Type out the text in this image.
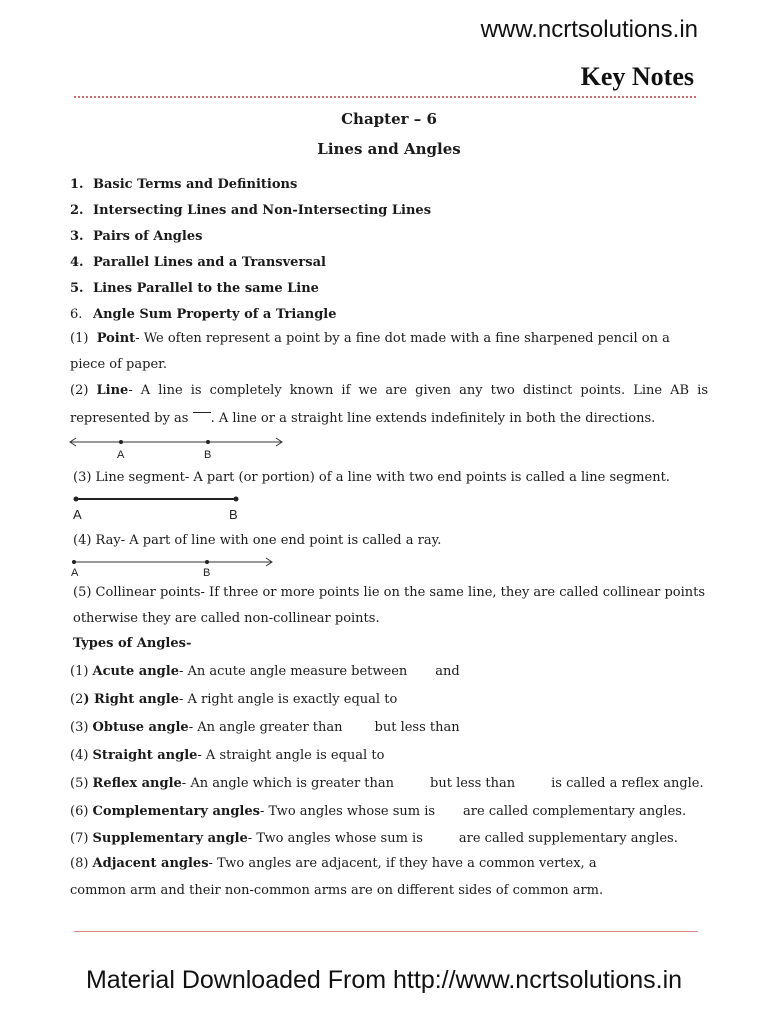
www.ncrtsolutions.in
Key Notes
Chapter – 6
Lines and Angles
1. Basic Terms and Definitions
2. Intersecting Lines and Non-Intersecting Lines
3. Pairs of Angles
4. Parallel Lines and a Transversal
5. Lines Parallel to the same Line
6. Angle Sum Property of a Triangle
(1) Point- We often represent a point by a fine dot made with a fine sharpened pencil on a piece of paper.
(2) Line- A line is completely known if we are given any two distinct points. Line AB is
represented by as . A line or a straight line extends indefinitely in both the directions.
A	B
(3) Line segment- A part (or portion) of a line with two end points is called a line segment.
A	B
(4) Ray- A part of line with one end point is called a ray.
A	B
(5) Collinear points- If three or more points lie on the same line, they are called collinear points otherwise they are called non-collinear points.
Types of Angles-
(1) Acute angle- An acute angle measure between and
(2) Right angle- A right angle is exactly equal to
(3) Obtuse angle- An angle greater than but less than
(4) Straight angle- A straight angle is equal to
(5) Reflex angle- An angle which is greater than	but less than	is called a reflex angle.
(6) Complementary angles- Two angles whose sum is are called complementary angles.
(7) Supplementary angle- Two angles whose sum is	are called supplementary angles.
(8) Adjacent angles- Two angles are adjacent, if they have a common vertex, a
common arm and their non-common arms are on different sides of common arm.
Material Downloaded From http://www.ncrtsolutions.in
